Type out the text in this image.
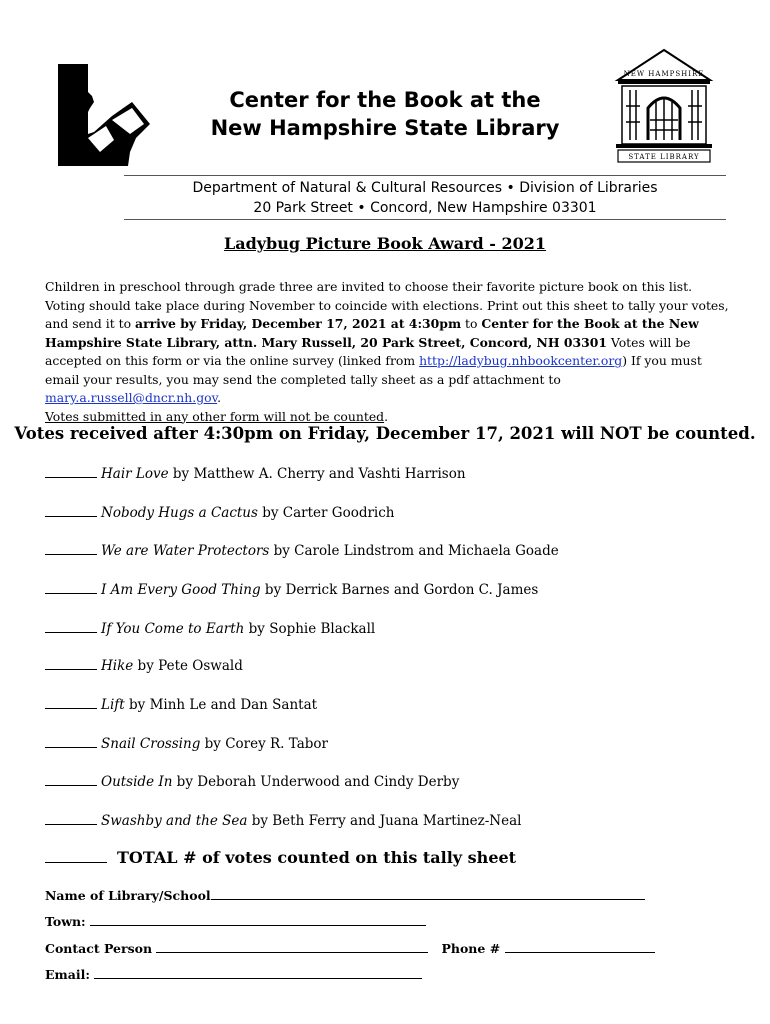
NEW HAMPSHIRE
STATE LIBRARY
Center for the Book at the
New Hampshire State Library
Department of Natural & Cultural Resources • Division of Libraries
20 Park Street • Concord, New Hampshire 03301
Ladybug Picture Book Award - 2021
Children in preschool through grade three are invited to choose their favorite picture book on this list. Voting should take place during November to coincide with elections. Print out this sheet to tally your votes, and send it to arrive by Friday, December 17, 2021 at 4:30pm to Center for the Book at the New Hampshire State Library, attn. Mary Russell, 20 Park Street, Concord, NH 03301 Votes will be accepted on this form or via the online survey (linked from http://ladybug.nhbookcenter.org) If you must email your results, you may send the completed tally sheet as a pdf attachment to mary.a.russell@dncr.nh.gov.
Votes submitted in any other form will not be counted.
Votes received after 4:30pm on Friday, December 17, 2021 will NOT be counted.
Hair Love by Matthew A. Cherry and Vashti Harrison
Nobody Hugs a Cactus by Carter Goodrich
We are Water Protectors by Carole Lindstrom and Michaela Goade
I Am Every Good Thing by Derrick Barnes and Gordon C. James
If You Come to Earth by Sophie Blackall
Hike by Pete Oswald
Lift by Minh Le and Dan Santat
Snail Crossing by Corey R. Tabor
Outside In by Deborah Underwood and Cindy Derby
Swashby and the Sea by Beth Ferry and Juana Martinez-Neal
TOTAL # of votes counted on this tally sheet
Name of Library/School
Town:
Contact Person	Phone #
Email:
